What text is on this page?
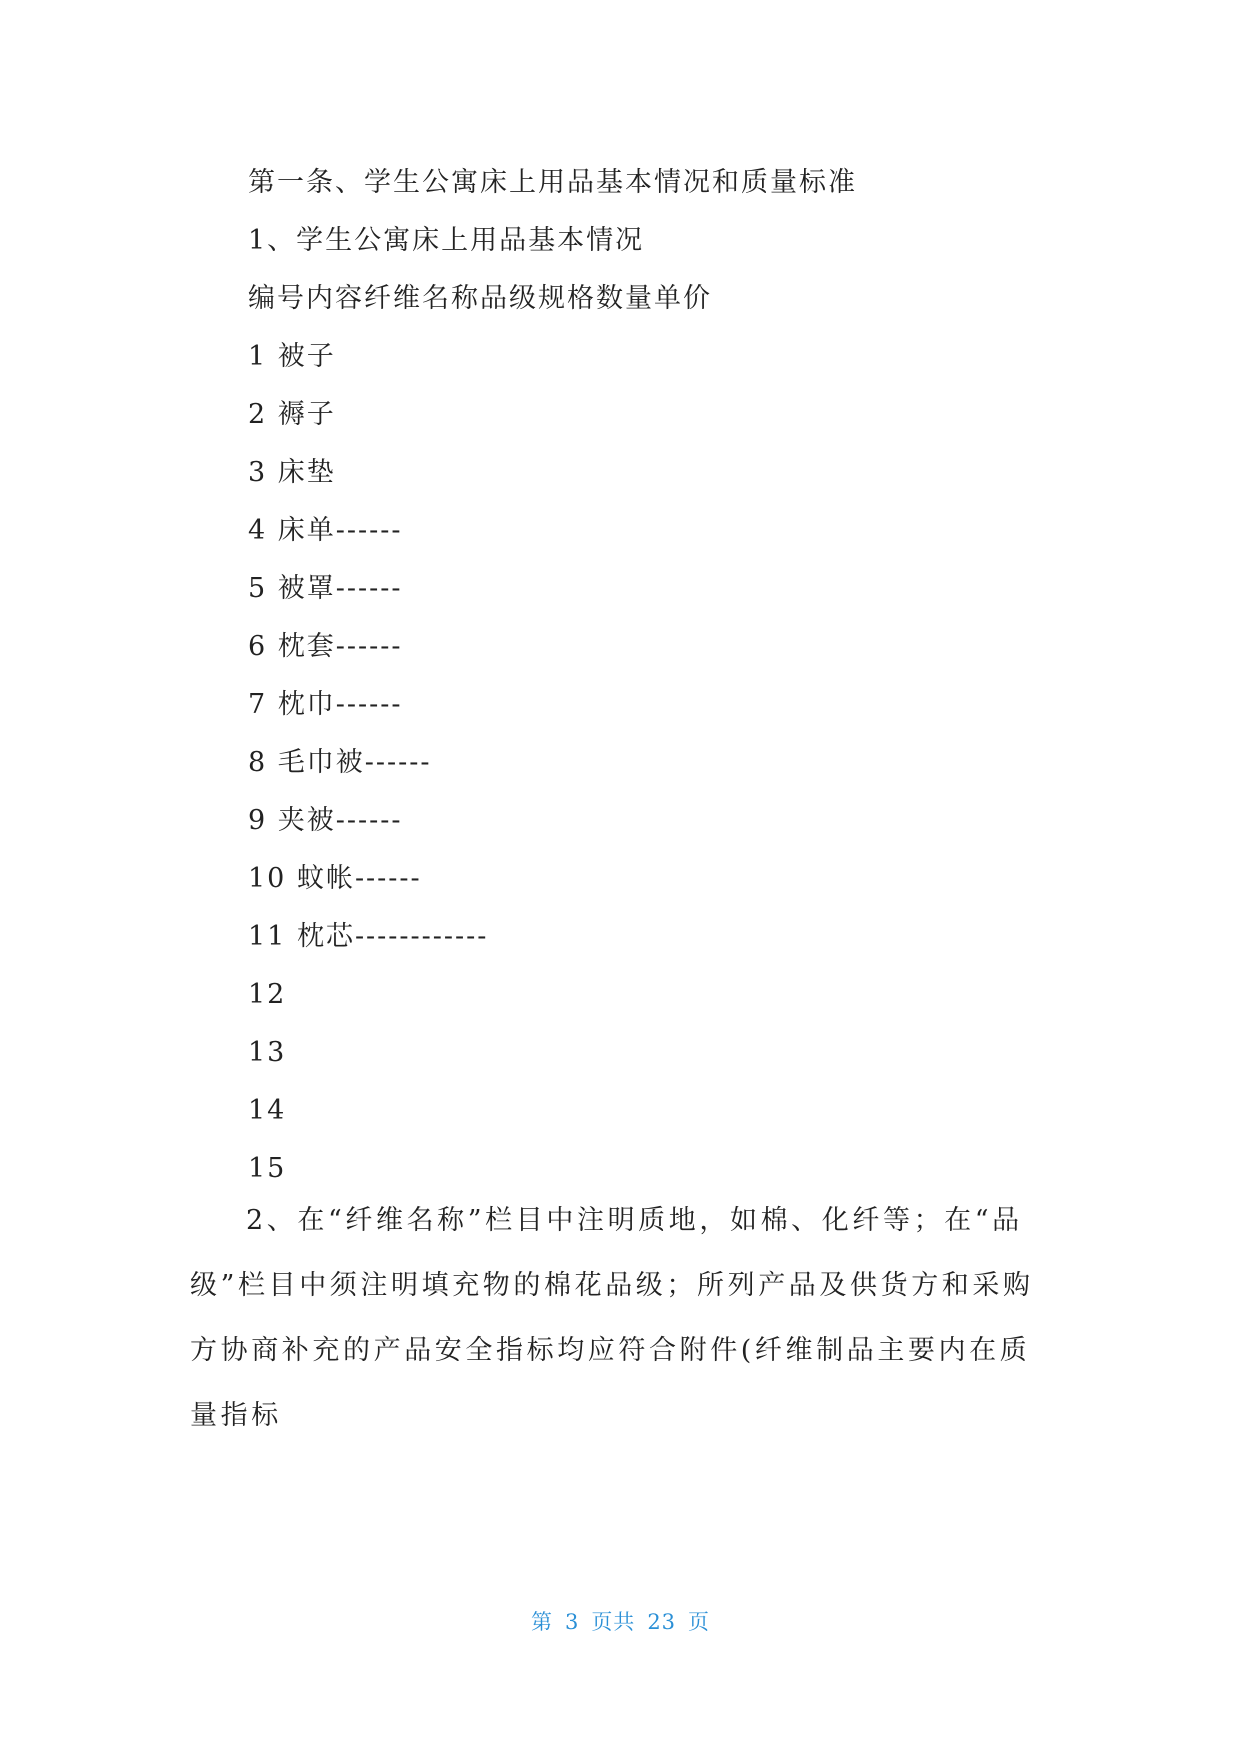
第一条、学生公寓床上用品基本情况和质量标准
1、学生公寓床上用品基本情况
编号内容纤维名称品级规格数量单价
1 被子
2 褥子
3 床垫
4 床单------
5 被罩------
6 枕套------
7 枕巾------
8 毛巾被------
9 夹被------
10 蚊帐------
11 枕芯------------
12
13
14
15
2、在“纤维名称”栏目中注明质地，如棉、化纤等；在“品级”栏目中须注明填充物的棉花品级；所列产品及供货方和采购方协商补充的产品安全指标均应符合附件(纤维制品主要内在质量指标
第 3 页共 23 页
